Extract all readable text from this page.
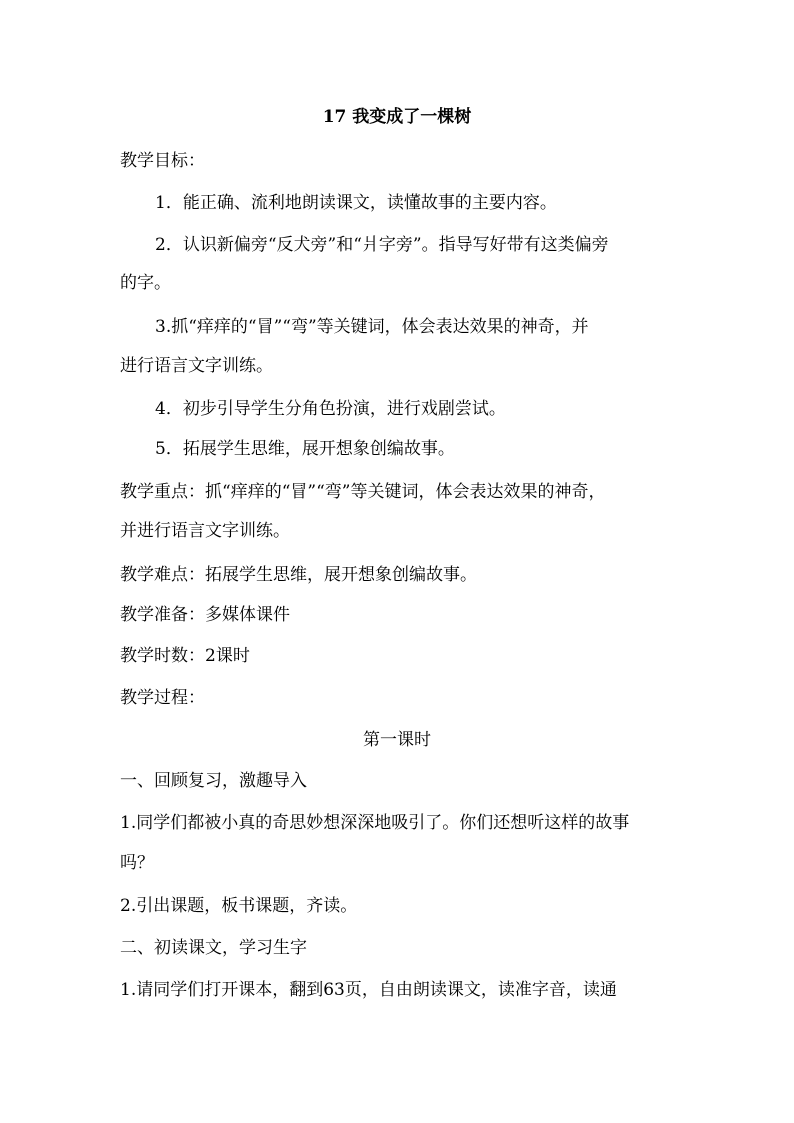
17 我变成了一棵树
教学目标：
1．能正确、流利地朗读课文，读懂故事的主要内容。
2．认识新偏旁“反犬旁”和“爿字旁”。指导写好带有这类偏旁
的字。
3.抓“痒痒的“冒”“弯”等关键词，体会表达效果的神奇，并
进行语言文字训练。
4．初步引导学生分角色扮演，进行戏剧尝试。
5．拓展学生思维，展开想象创编故事。
教学重点：抓“痒痒的“冒”“弯”等关键词，体会表达效果的神奇，
并进行语言文字训练。
教学难点：拓展学生思维，展开想象创编故事。
教学准备：多媒体课件
教学时数：2课时
教学过程：
第一课时
一、回顾复习，激趣导入
1.同学们都被小真的奇思妙想深深地吸引了。你们还想听这样的故事
吗？
2.引出课题，板书课题，齐读。
二、初读课文，学习生字
1.请同学们打开课本，翻到63页，自由朗读课文，读准字音，读通
